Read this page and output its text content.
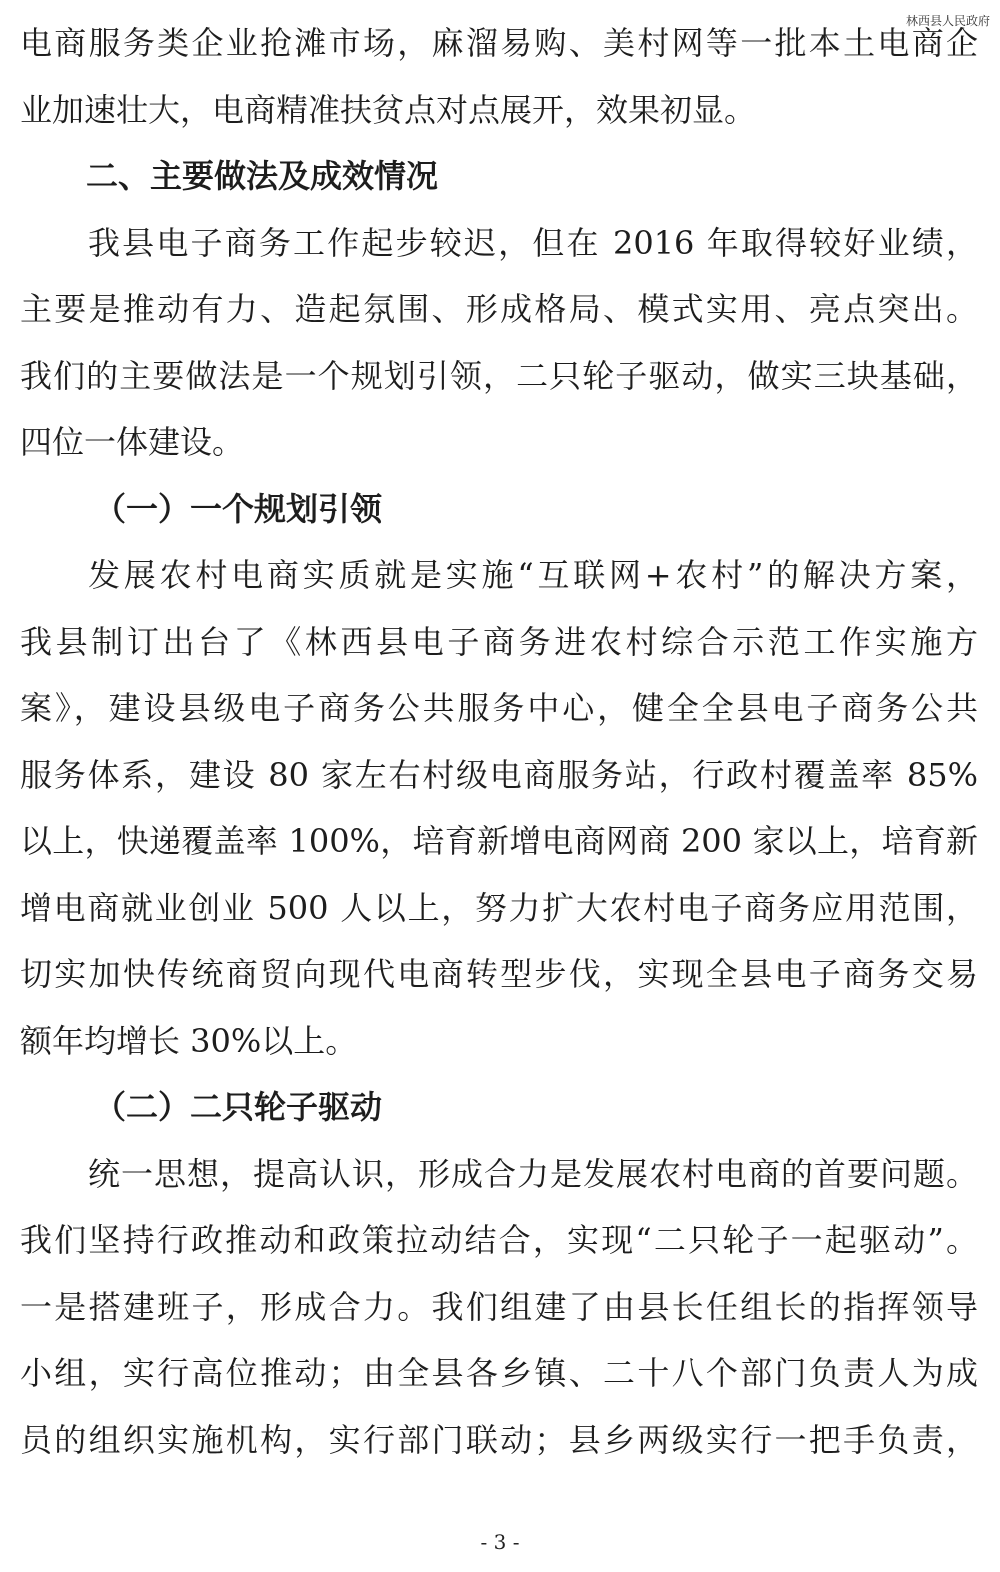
林西县人民政府
电商服务类企业抢滩市场，麻溜易购、美村网等一批本土电商企
业加速壮大，电商精准扶贫点对点展开，效果初显。
二、主要做法及成效情况
我县电子商务工作起步较迟，但在 2016 年取得较好业绩，
主要是推动有力、造起氛围、形成格局、模式实用、亮点突出。
我们的主要做法是一个规划引领，二只轮子驱动，做实三块基础，
四位一体建设。
（一）一个规划引领
发展农村电商实质就是实施“互联网+农村”的解决方案，
我县制订出台了《林西县电子商务进农村综合示范工作实施方
案》，建设县级电子商务公共服务中心，健全全县电子商务公共
服务体系，建设 80 家左右村级电商服务站，行政村覆盖率 85%
以上，快递覆盖率 100%，培育新增电商网商 200 家以上，培育新
增电商就业创业 500 人以上，努力扩大农村电子商务应用范围，
切实加快传统商贸向现代电商转型步伐，实现全县电子商务交易
额年均增长 30%以上。
（二）二只轮子驱动
统一思想，提高认识，形成合力是发展农村电商的首要问题。
我们坚持行政推动和政策拉动结合，实现“二只轮子一起驱动”。
一是搭建班子，形成合力。我们组建了由县长任组长的指挥领导
小组，实行高位推动；由全县各乡镇、二十八个部门负责人为成
员的组织实施机构，实行部门联动；县乡两级实行一把手负责，
- 3 -
